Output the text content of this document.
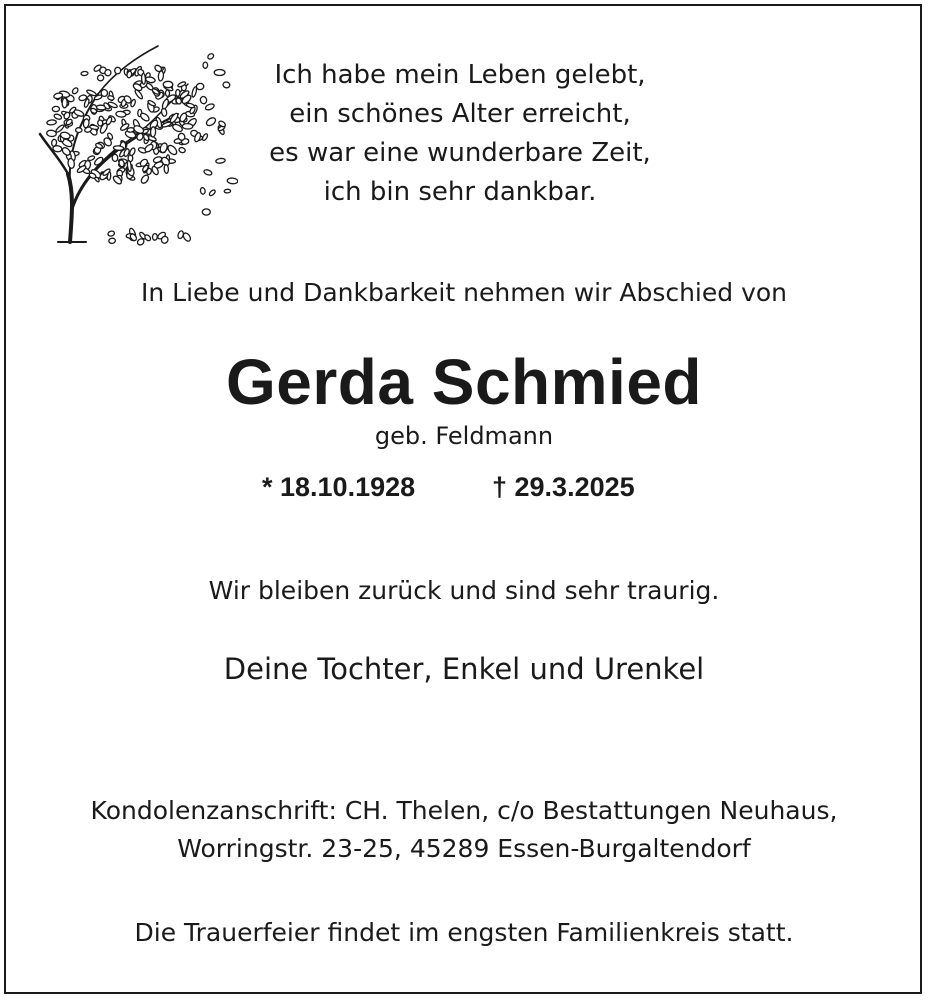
Ich habe mein Leben gelebt,
ein schönes Alter erreicht,
es war eine wunderbare Zeit,
ich bin sehr dankbar.
In Liebe und Dankbarkeit nehmen wir Abschied von
Gerda Schmied
geb. Feldmann
* 18.10.1928	† 29.3.2025
Wir bleiben zurück und sind sehr traurig.
Deine Tochter, Enkel und Urenkel
Kondolenzanschrift: CH. Thelen, c/o Bestattungen Neuhaus,
Worringstr. 23-25, 45289 Essen-Burgaltendorf
Die Trauerfeier findet im engsten Familienkreis statt.
